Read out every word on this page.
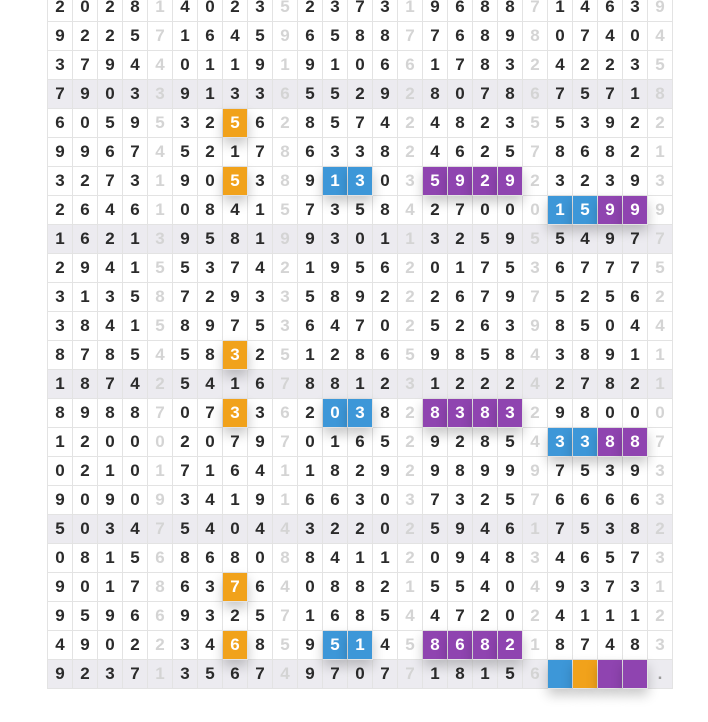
2 0 2 8 1 4 0 2 3 5 2 3 7 3 1 9 6 8 8 7 1 4 6 3 9
9 2 2 5 7 1 6 4 5 9 6 5 8 8 7 7 6 8 9 8 0 7 4 0 4
3 7 9 4 4 0 1 1 9 1 9 1 0 6 6 1 7 8 3 2 4 2 2 3 5
7 9 0 3 3 9 1 3 3 6 5 5 2 9 2 8 0 7 8 6 7 5 7 1 8
6 0 5 9 5 3 2 5 6 2 8 5 7 4 2 4 8 2 3 5 5 3 9 2 2
9 9 6 7 4 5 2 1 7 8 6 3 3 8 2 4 6 2 5 7 8 6 8 2 1
3 2 7 3 1 9 0 5 3 8 9 1 3 0 3 5 9 2 9 2 3 2 3 9 3
2 6 4 6 1 0 8 4 1 5 7 3 5 8 4 2 7 0 0 0 1 5 9 9 9
1 6 2 1 3 9 5 8 1 9 9 3 0 1 1 3 2 5 9 5 5 4 9 7 7
2 9 4 1 5 5 3 7 4 2 1 9 5 6 2 0 1 7 5 3 6 7 7 7 5
3 1 3 5 8 7 2 9 3 3 5 8 9 2 2 2 6 7 9 7 5 2 5 6 2
3 8 4 1 5 8 9 7 5 3 6 4 7 0 2 5 2 6 3 9 8 5 0 4 4
8 7 8 5 4 5 8 3 2 5 1 2 8 6 5 9 8 5 8 4 3 8 9 1 1
1 8 7 4 2 5 4 1 6 7 8 8 1 2 3 1 2 2 2 4 2 7 8 2 1
8 9 8 8 7 0 7 3 3 6 2 0 3 8 2 8 3 8 3 2 9 8 0 0 0
1 2 0 0 0 2 0 7 9 7 0 1 6 5 2 9 2 8 5 4 3 3 8 8 7
0 2 1 0 1 7 1 6 4 1 1 8 2 9 2 9 8 9 9 9 7 5 3 9 3
9 0 9 0 9 3 4 1 9 1 6 6 3 0 3 7 3 2 5 7 6 6 6 6 3
5 0 3 4 7 5 4 0 4 4 3 2 2 0 2 5 9 4 6 1 7 5 3 8 2
0 8 1 5 6 8 6 8 0 8 8 4 1 1 2 0 9 4 8 3 4 6 5 7 3
9 0 1 7 8 6 3 7 6 4 0 8 8 2 1 5 5 4 0 4 9 3 7 3 1
9 5 9 6 6 9 3 2 5 7 1 6 8 5 4 4 7 2 0 2 4 1 1 1 2
4 9 0 2 2 3 4 6 8 5 9 5 1 4 5 8 6 8 2 1 8 7 4 8 3
9 2 3 7 1 3 5 6 7 4 9 7 0 7 7 1 8 1 5 6	.
